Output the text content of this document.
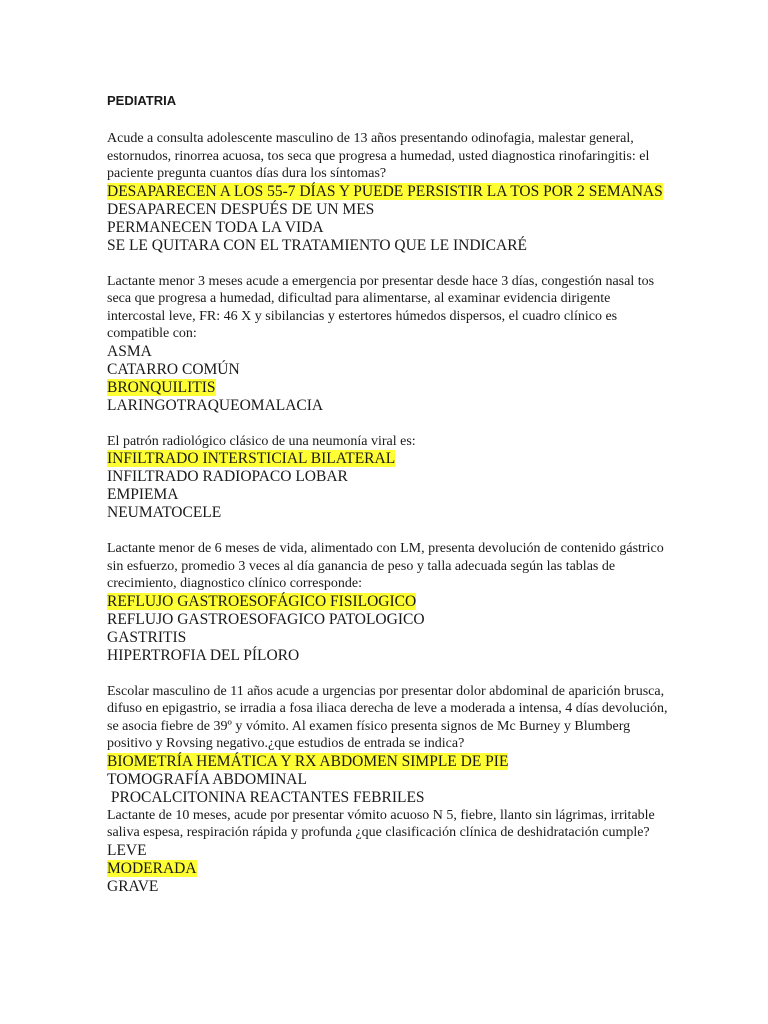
PEDIATRIA

Acude a consulta adolescente masculino de 13 años presentando odinofagia, malestar general, estornudos, rinorrea acuosa, tos seca que progresa a humedad, usted diagnostica rinofaringitis: el paciente pregunta cuantos días dura los síntomas?

DESAPARECEN A LOS 55-7 DÍAS Y PUEDE PERSISTIR LA TOS POR 2 SEMANAS

DESAPARECEN DESPUÉS DE UN MES

PERMANECEN TODA LA VIDA

SE LE QUITARA CON EL TRATAMIENTO QUE LE INDICARÉ

Lactante menor 3 meses acude a emergencia por presentar desde hace 3 días, congestión nasal tos seca que progresa a humedad, dificultad para alimentarse, al examinar evidencia dirigente intercostal leve, FR: 46 X y sibilancias y estertores húmedos dispersos, el cuadro clínico es compatible con:

ASMA

CATARRO COMÚN

BRONQUILITIS

LARINGOTRAQUEOMALACIA

El patrón radiológico clásico de una neumonía viral es:

INFILTRADO INTERSTICIAL BILATERAL

INFILTRADO RADIOPACO LOBAR

EMPIEMA

NEUMATOCELE

Lactante menor de 6 meses de vida, alimentado con LM, presenta devolución de contenido gástrico sin esfuerzo, promedio 3 veces al día ganancia de peso y talla adecuada según las tablas de crecimiento, diagnostico clínico corresponde:

REFLUJO GASTROESOFÁGICO FISILOGICO

REFLUJO GASTROESOFAGICO PATOLOGICO

GASTRITIS

HIPERTROFIA DEL PÍLORO

Escolar masculino de 11 años acude a urgencias por presentar dolor abdominal de aparición brusca, difuso en epigastrio, se irradia a fosa iliaca derecha de leve a moderada a intensa, 4 días devolución, se asocia fiebre de 39º y vómito. Al examen físico presenta signos de Mc Burney y Blumberg positivo y Rovsing negativo.¿que estudios de entrada se indica?

BIOMETRÍA HEMÁTICA Y RX ABDOMEN SIMPLE DE PIE

TOMOGRAFÍA ABDOMINAL

PROCALCITONINA REACTANTES FEBRILES

Lactante de 10 meses, acude por presentar vómito acuoso N 5, fiebre, llanto sin lágrimas, irritable saliva espesa, respiración rápida y profunda ¿que clasificación clínica de deshidratación cumple?

LEVE

MODERADA

GRAVE
